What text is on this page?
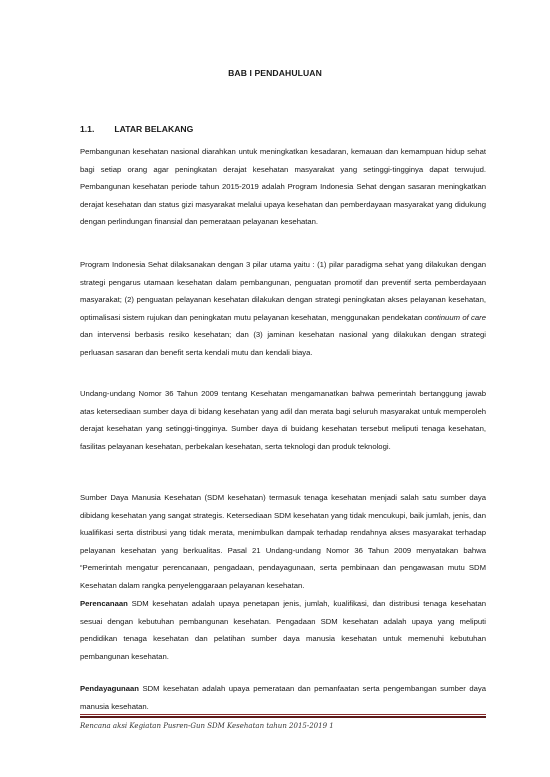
BAB I PENDAHULUAN
1.1. LATAR BELAKANG

Pembangunan kesehatan nasional diarahkan untuk meningkatkan kesadaran, kemauan dan kemampuan hidup sehat bagi setiap orang agar peningkatan derajat kesehatan masyarakat yang setinggi-tingginya dapat terwujud. Pembangunan kesehatan periode tahun 2015-2019 adalah Program Indonesia Sehat dengan sasaran meningkatkan derajat kesehatan dan status gizi masyarakat melalui upaya kesehatan dan pemberdayaan masyarakat yang didukung dengan perlindungan finansial dan pemerataan pelayanan kesehatan.

Program Indonesia Sehat dilaksanakan dengan 3 pilar utama yaitu : (1) pilar paradigma sehat yang dilakukan dengan strategi pengarus utamaan kesehatan dalam pembangunan, penguatan promotif dan preventif serta pemberdayaan masyarakat; (2) penguatan pelayanan kesehatan dilakukan dengan strategi peningkatan akses pelayanan kesehatan, optimalisasi sistem rujukan dan peningkatan mutu pelayanan kesehatan, menggunakan pendekatan continuum of care dan intervensi berbasis resiko kesehatan; dan (3) jaminan kesehatan nasional yang dilakukan dengan strategi perluasan sasaran dan benefit serta kendali mutu dan kendali biaya.

Undang-undang Nomor 36 Tahun 2009 tentang Kesehatan mengamanatkan bahwa pemerintah bertanggung jawab atas ketersediaan sumber daya di bidang kesehatan yang adil dan merata bagi seluruh masyarakat untuk memperoleh derajat kesehatan yang setinggi-tingginya. Sumber daya di buidang kesehatan tersebut meliputi tenaga kesehatan, fasilitas pelayanan kesehatan, perbekalan kesehatan, serta teknologi dan produk teknologi.

Sumber Daya Manusia Kesehatan (SDM kesehatan) termasuk tenaga kesehatan menjadi salah satu sumber daya dibidang kesehatan yang sangat strategis. Ketersediaan SDM kesehatan yang tidak mencukupi, baik jumlah, jenis, dan kualifikasi serta distribusi yang tidak merata, menimbulkan dampak terhadap rendahnya akses masyarakat terhadap pelayanan kesehatan yang berkualitas. Pasal 21 Undang-undang Nomor 36 Tahun 2009 menyatakan bahwa “Pemerintah mengatur perencanaan, pengadaan, pendayagunaan, serta pembinaan dan pengawasan mutu SDM Kesehatan dalam rangka penyelenggaraan pelayanan kesehatan.

Perencanaan SDM kesehatan adalah upaya penetapan jenis, jumlah, kualifikasi, dan distribusi tenaga kesehatan sesuai dengan kebutuhan pembangunan kesehatan. Pengadaan SDM kesehatan adalah upaya yang meliputi pendidikan tenaga kesehatan dan pelatihan sumber daya manusia kesehatan untuk memenuhi kebutuhan pembangunan kesehatan.

Pendayagunaan SDM kesehatan adalah upaya pemerataan dan pemanfaatan serta pengembangan sumber daya manusia kesehatan.

Rencana aksi Kegiatan Pusren-Gun SDM Kesehatan tahun 2015-2019 1
